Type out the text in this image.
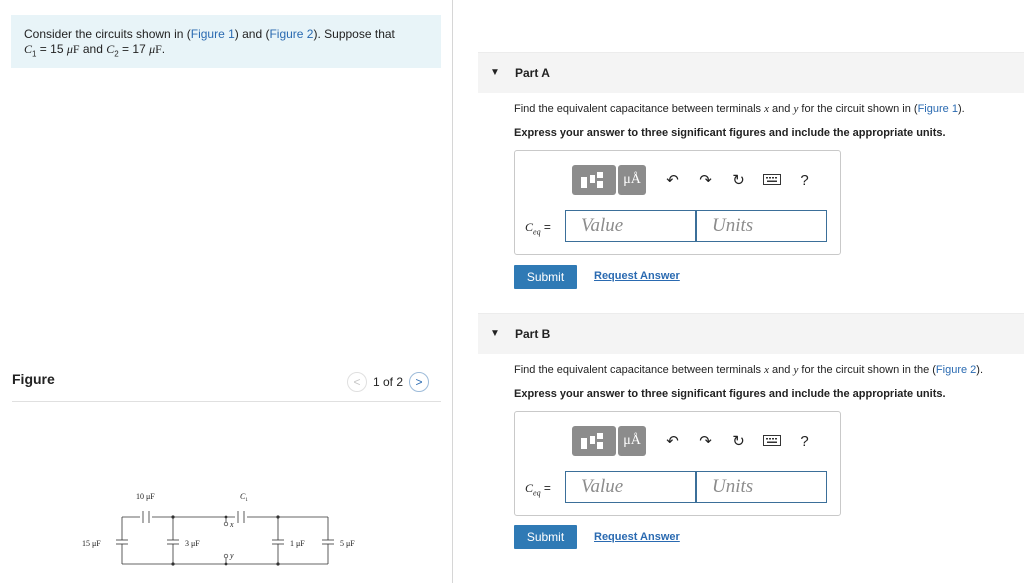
Consider the circuits shown in (Figure 1) and (Figure 2). Suppose that
$C_1 = 15$ μF and $C_2 = 17$ μF.
Figure	<	1 of 2	>
10 μF	$C_1$
15 μF	3 μF	1 μF	5 μF
x
y
▼ Part A
Find the equivalent capacitance between terminals x and y for the circuit shown in (Figure 1).
Express your answer to three significant figures and include the appropriate units.
μÅ	↶	↷	↻	?
$C_{eq}$ =	Value	Units
Submit	Request Answer
▼ Part B
Find the equivalent capacitance between terminals x and y for the circuit shown in the (Figure 2).
Express your answer to three significant figures and include the appropriate units.
μÅ	↶	↷	↻	?
$C_{eq}$ =	Value	Units
Submit	Request Answer
